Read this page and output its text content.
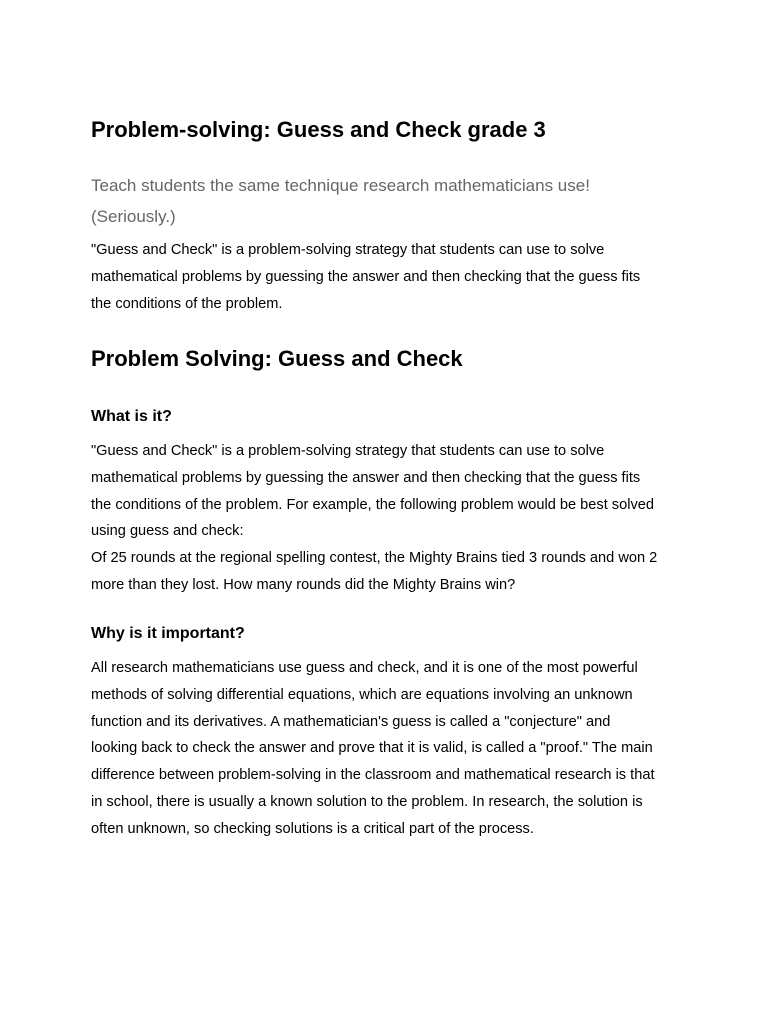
Problem-solving: Guess and Check grade 3
Teach students the same technique research mathematicians use!
(Seriously.)
"Guess and Check" is a problem-solving strategy that students can use to solve
mathematical problems by guessing the answer and then checking that the guess fits
the conditions of the problem.
Problem Solving: Guess and Check
What is it?
"Guess and Check" is a problem-solving strategy that students can use to solve
mathematical problems by guessing the answer and then checking that the guess fits
the conditions of the problem. For example, the following problem would be best solved
using guess and check:
Of 25 rounds at the regional spelling contest, the Mighty Brains tied 3 rounds and won 2
more than they lost. How many rounds did the Mighty Brains win?
Why is it important?
All research mathematicians use guess and check, and it is one of the most powerful
methods of solving differential equations, which are equations involving an unknown
function and its derivatives. A mathematician's guess is called a "conjecture" and
looking back to check the answer and prove that it is valid, is called a "proof." The main
difference between problem-solving in the classroom and mathematical research is that
in school, there is usually a known solution to the problem. In research, the solution is
often unknown, so checking solutions is a critical part of the process.
